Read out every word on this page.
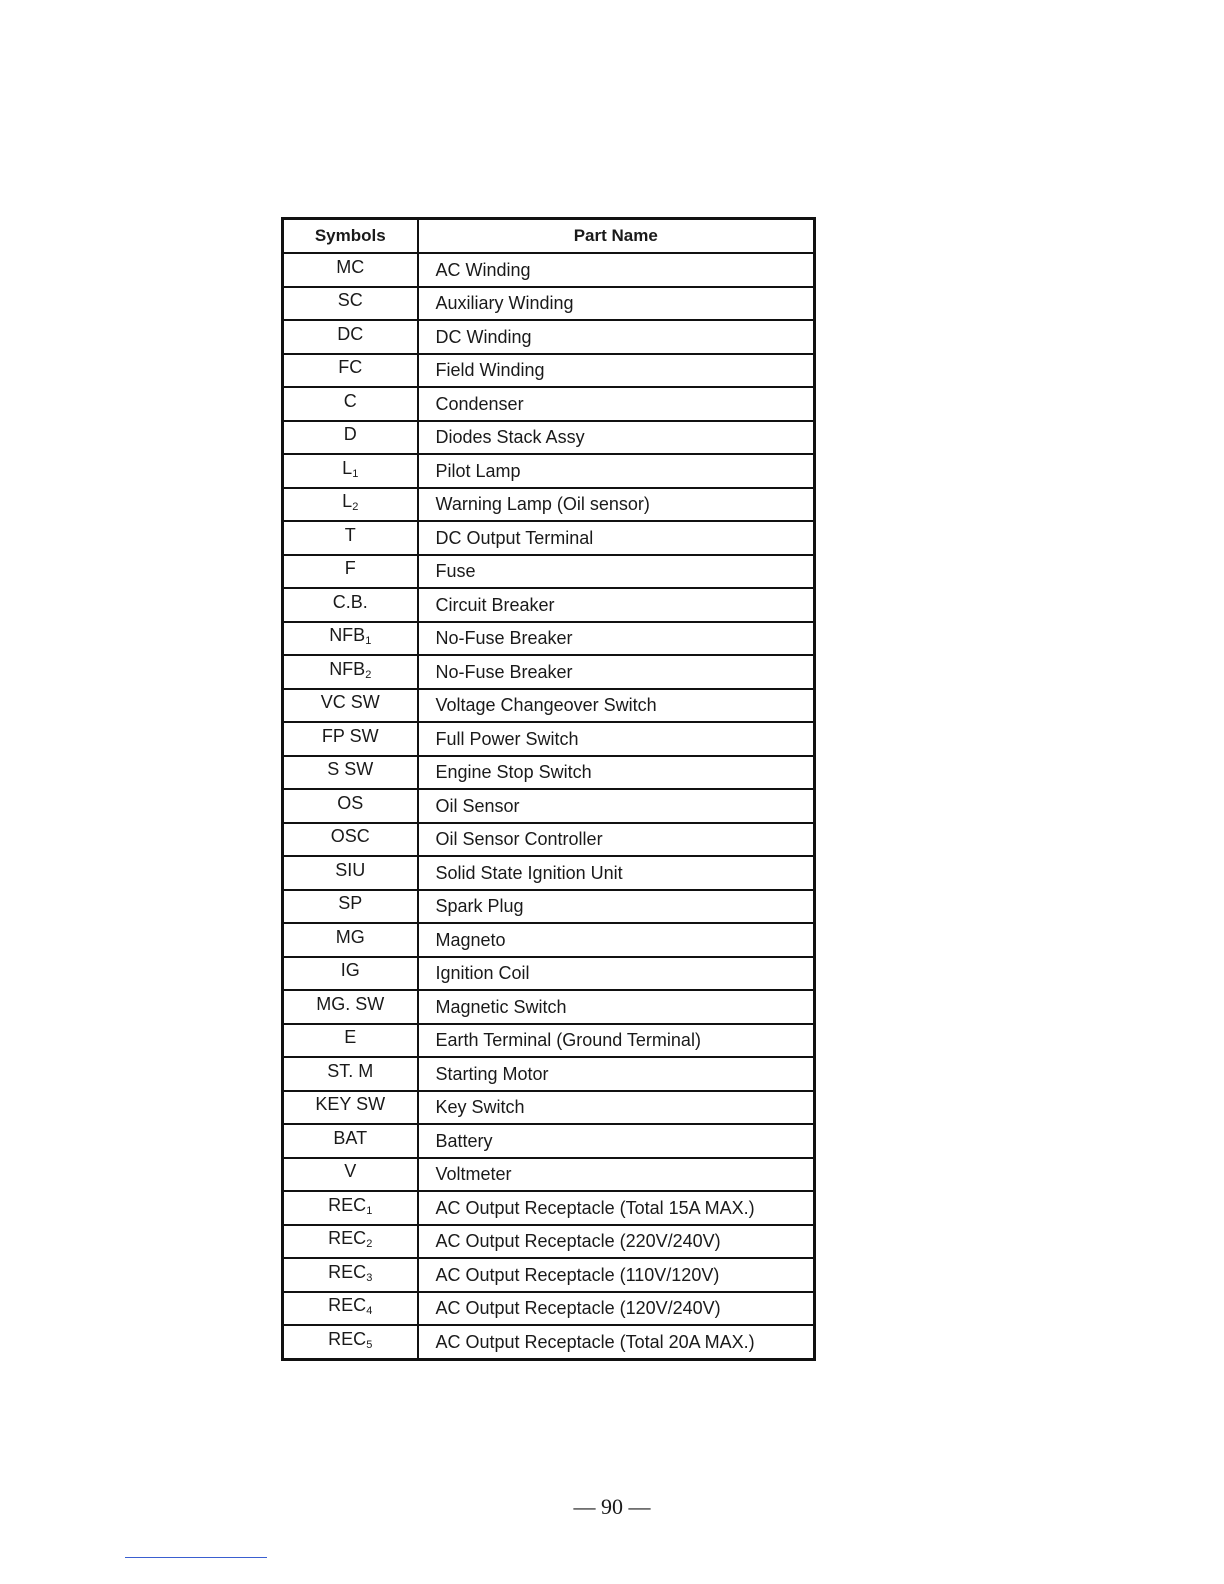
Symbols	Part Name
MC	AC Winding
SC	Auxiliary Winding
DC	DC Winding
FC	Field Winding
C	Condenser
D	Diodes Stack Assy
$L_1$	Pilot Lamp
$L_2$	Warning Lamp (Oil sensor)
T	DC Output Terminal
F	Fuse
C.B.	Circuit Breaker
$NFB_1$	No-Fuse Breaker
$NFB_2$	No-Fuse Breaker
VC SW	Voltage Changeover Switch
FP SW	Full Power Switch
S SW	Engine Stop Switch
OS	Oil Sensor
OSC	Oil Sensor Controller
SIU	Solid State Ignition Unit
SP	Spark Plug
MG	Magneto
IG	Ignition Coil
MG. SW	Magnetic Switch
E	Earth Terminal (Ground Terminal)
ST. M	Starting Motor
KEY SW	Key Switch
BAT	Battery
V	Voltmeter
$REC_1$	AC Output Receptacle (Total 15A MAX.)
$REC_2$	AC Output Receptacle (220V/240V)
$REC_3$	AC Output Receptacle (110V/120V)
$REC_4$	AC Output Receptacle (120V/240V)
$REC_5$	AC Output Receptacle (Total 20A MAX.)
— 90 —
